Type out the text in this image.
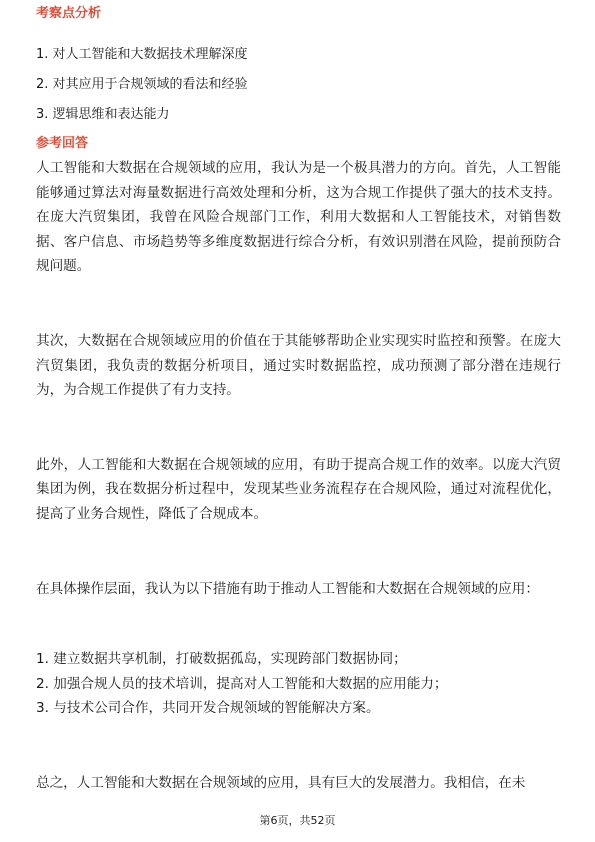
考察点分析

1. 对人工智能和大数据技术理解深度

2. 对其应用于合规领域的看法和经验

3. 逻辑思维和表达能力

参考回答

人工智能和大数据在合规领域的应用，我认为是一个极具潜力的方向。首先，人工智能能够通过算法对海量数据进行高效处理和分析，这为合规工作提供了强大的技术支持。在庞大汽贸集团，我曾在风险合规部门工作，利用大数据和人工智能技术，对销售数据、客户信息、市场趋势等多维度数据进行综合分析，有效识别潜在风险，提前预防合规问题。

其次，大数据在合规领域应用的价值在于其能够帮助企业实现实时监控和预警。在庞大汽贸集团，我负责的数据分析项目，通过实时数据监控，成功预测了部分潜在违规行为，为合规工作提供了有力支持。

此外，人工智能和大数据在合规领域的应用，有助于提高合规工作的效率。以庞大汽贸集团为例，我在数据分析过程中，发现某些业务流程存在合规风险，通过对流程优化，提高了业务合规性，降低了合规成本。

在具体操作层面，我认为以下措施有助于推动人工智能和大数据在合规领域的应用：

1. 建立数据共享机制，打破数据孤岛，实现跨部门数据协同；

2. 加强合规人员的技术培训，提高对人工智能和大数据的应用能力；

3. 与技术公司合作，共同开发合规领域的智能解决方案。

总之，人工智能和大数据在合规领域的应用，具有巨大的发展潜力。我相信，在未

第6页，共52页
